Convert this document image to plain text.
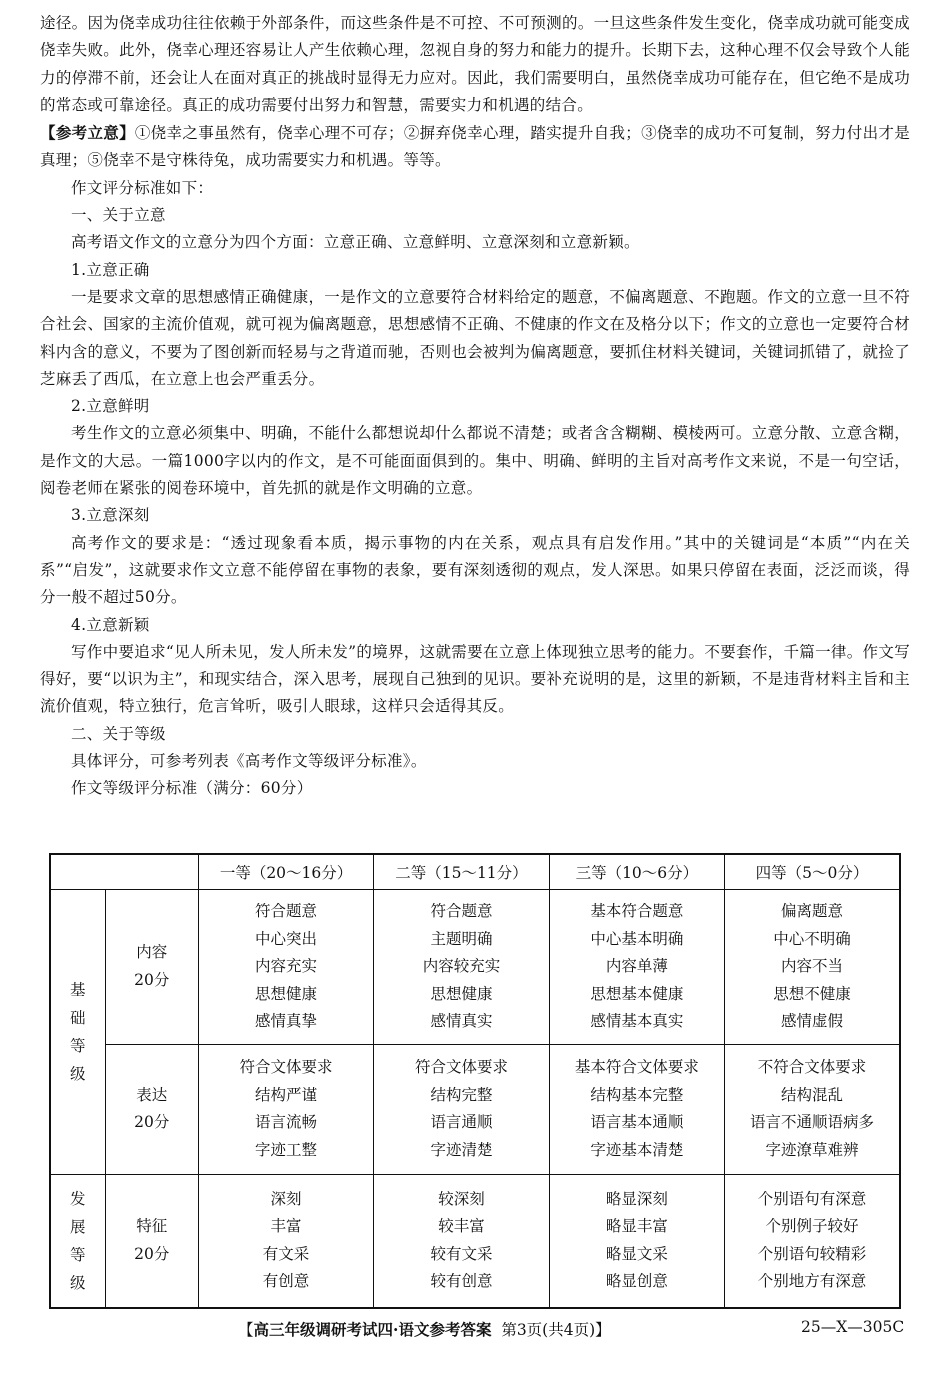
途径。因为侥幸成功往往依赖于外部条件，而这些条件是不可控、不可预测的。一旦这些条件发生变化，侥幸成功就可能变成侥幸失败。此外，侥幸心理还容易让人产生依赖心理，忽视自身的努力和能力的提升。长期下去，这种心理不仅会导致个人能力的停滞不前，还会让人在面对真正的挑战时显得无力应对。因此，我们需要明白，虽然侥幸成功可能存在，但它绝不是成功的常态或可靠途径。真正的成功需要付出努力和智慧，需要实力和机遇的结合。

【参考立意】①侥幸之事虽然有，侥幸心理不可存；②摒弃侥幸心理，踏实提升自我；③侥幸的成功不可复制，努力付出才是真理；⑤侥幸不是守株待兔，成功需要实力和机遇。等等。

作文评分标准如下：

一、关于立意

高考语文作文的立意分为四个方面：立意正确、立意鲜明、立意深刻和立意新颖。

1.立意正确

一是要求文章的思想感情正确健康，一是作文的立意要符合材料给定的题意，不偏离题意、不跑题。作文的立意一旦不符合社会、国家的主流价值观，就可视为偏离题意，思想感情不正确、不健康的作文在及格分以下；作文的立意也一定要符合材料内含的意义，不要为了图创新而轻易与之背道而驰，否则也会被判为偏离题意，要抓住材料关键词，关键词抓错了，就捡了芝麻丢了西瓜，在立意上也会严重丢分。

2.立意鲜明

考生作文的立意必须集中、明确，不能什么都想说却什么都说不清楚；或者含含糊糊、模棱两可。立意分散、立意含糊，是作文的大忌。一篇1000字以内的作文，是不可能面面俱到的。集中、明确、鲜明的主旨对高考作文来说，不是一句空话，阅卷老师在紧张的阅卷环境中，首先抓的就是作文明确的立意。

3.立意深刻

高考作文的要求是：“透过现象看本质，揭示事物的内在关系，观点具有启发作用。”其中的关键词是“本质”“内在关系”“启发”，这就要求作文立意不能停留在事物的表象，要有深刻透彻的观点，发人深思。如果只停留在表面，泛泛而谈，得分一般不超过50分。

4.立意新颖

写作中要追求“见人所未见，发人所未发”的境界，这就需要在立意上体现独立思考的能力。不要套作，千篇一律。作文写得好，要“以识为主”，和现实结合，深入思考，展现自己独到的见识。要补充说明的是，这里的新颖，不是违背材料主旨和主流价值观，特立独行，危言耸听，吸引人眼球，这样只会适得其反。

二、关于等级

具体评分，可参考列表《高考作文等级评分标准》。

作文等级评分标准（满分：60分）

		一等（20～16分）	二等（15～11分）	三等（10～6分）	四等（5～0分）

基
础
等
级	内容
20分	符合题意
中心突出
内容充实
思想健康
感情真挚	符合题意
主题明确
内容较充实
思想健康
感情真实	基本符合题意
中心基本明确
内容单薄
思想基本健康
感情基本真实	偏离题意
中心不明确
内容不当
思想不健康
感情虚假

	表达
20分	符合文体要求
结构严谨
语言流畅
字迹工整	符合文体要求
结构完整
语言通顺
字迹清楚	基本符合文体要求
结构基本完整
语言基本通顺
字迹基本清楚	不符合文体要求
结构混乱
语言不通顺语病多
字迹潦草难辨

发
展
等
级	特征
20分	深刻
丰富
有文采
有创意	较深刻
较丰富
较有文采
较有创意	略显深刻
略显丰富
略显文采
略显创意	个别语句有深意
个别例子较好
个别语句较精彩
个别地方有深意
【高三年级调研考试四·语文参考答案 第3页(共4页)】	25—X—305C
